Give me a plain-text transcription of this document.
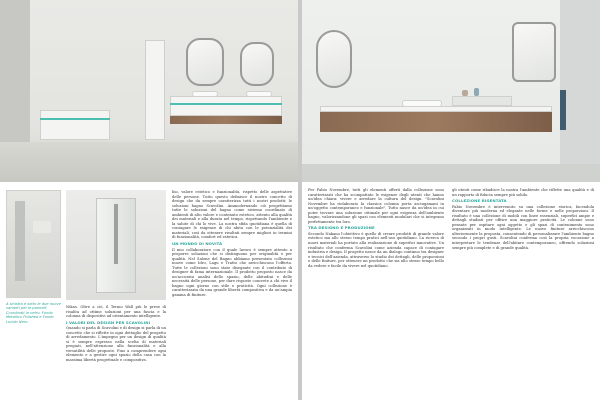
A sinistra e sotto le due nuove varianti per le pannelli Coordinati in vetro. Fondo Metallico Polished e Fondo Lucido Nero.

Nikas. Oltre a ciò, il Termo Wall più le prese di risalita ad ottime soluzioni per una fascia e la colonna di dispositivi ad orientamento intelligente.

I VALORI DEL DESIGN PER SCAVOLINI

Quando si parla di Scavolini e di design si parla di un concetto che si riflette in ogni dettaglio del progetto di arredamento. L'impegno per un design di qualità si è sempre espresso nella scelta di materiali pregiati, nell'attenzione alla funzionalità e alla versatilità delle proposte. Fino a comprendere ogni elemento e a gestire ogni spazio della casa con la massima libertà progettuale e compositiva.

bio, valore estetico e funzionalità, rispetto delle aspettative delle persone. Tutto questo definisce il nostro concetto di design che da sempre caratterizza tutti i nostri prodotti: le soluzioni bagno Scavolini. Ammodernando ciò progettiamo tutte le soluzioni del bagno come sistema coordinato di ambienti di alto valore e contenuto estetico, attento alla qualità dei materiali e alla durata nel tempo, rispettando l'ambiente e la salute di chi lo vive. La nostra sfida quotidiana è quella di coniugare le esigenze di chi abita con le potenzialità dei materiali, così da ottenere risultati sempre migliori in termini di funzionalità, comfort ed estetica.

UN MONDO DI NOVITÀ

Il mio collaboratore con il quale lavoro è sempre attento a proporre soluzioni che si distinguono per originalità e per qualità. Nel Salone del Bagno abbiamo presentato collezioni nuove come Idro, Lagu e Tratto che arricchiscono l'offerta. Tutte le collezioni sono state disegnate con il contributo di designer di fama internazionale. Il prodotto proposto nasce da un'accurata analisi dello spazio, delle abitudini e delle necessità delle persone, per dare risposte concrete a chi vive il bagno ogni giorno con stile e praticità. Ogni collezione è caratterizzata da una grande libertà compositiva e da un'ampia gamma di finiture.

Per Fabio Novembre, tutti gli elementi offerti dalla collezione sono caratterizzati che ha scompattato le esigenze degli utenti che hanno un'idea chiara: vivere e arredare la cultura del design. "Scavolini Novembre ha rielaborato la classica colonna porta asciugamani in un'oggetto contemporaneo e funzionale". Tutto nasce da un'idea in cui poter trovare una soluzione ottimale per ogni esigenza dell'ambiente bagno, valorizzandone gli spazi con elementi modulari che si integrano perfettamente tra loro.

TRA DESIGNO E PRODUZIONE

Secondo Nakano l'obiettivo è quello di creare prodotti di grande valore estetico ma allo stesso tempo pratici nell'uso quotidiano. La ricerca di nuovi materiali ha portato alla realizzazione di superfici innovative. Un risultato che conferma Scavolini come azienda capace di coniugare industria e design. Il progetto nasce da un dialogo continuo tra designer e tecnici dell'azienda, attraverso lo studio dei dettagli, delle proporzioni e delle finiture, per ottenere un prodotto che sia allo stesso tempo bello da vedere e facile da vivere nel quotidiano.

gli utenti come ribadisce la nostra l'ambiente che riflette una qualità e di un rapporto di fiducia sempre più solido.

COLLEZIONE RIGENTATA

Fabio Novembre è intervenuto su una collezione storica, facendola diventare più moderna ed elegante nelle forme e nelle proporzioni. Il risultato è una collezione di mobili con linee essenziali, superfici ampie e dettagli studiati per offrire una maggiore praticità. Le colonne sono pensate per ospitare ogni oggetto e gli spazi di contenimento sono organizzati in modo intelligente. Le nuove finiture arricchiscono ulteriormente la proposta, consentendo di personalizzare l'ambiente bagno secondo i propri gusti. Scavolini conferma così la propria vocazione a interpretare le tendenze dell'abitare contemporaneo, offrendo soluzioni sempre più complete e di grande qualità.
